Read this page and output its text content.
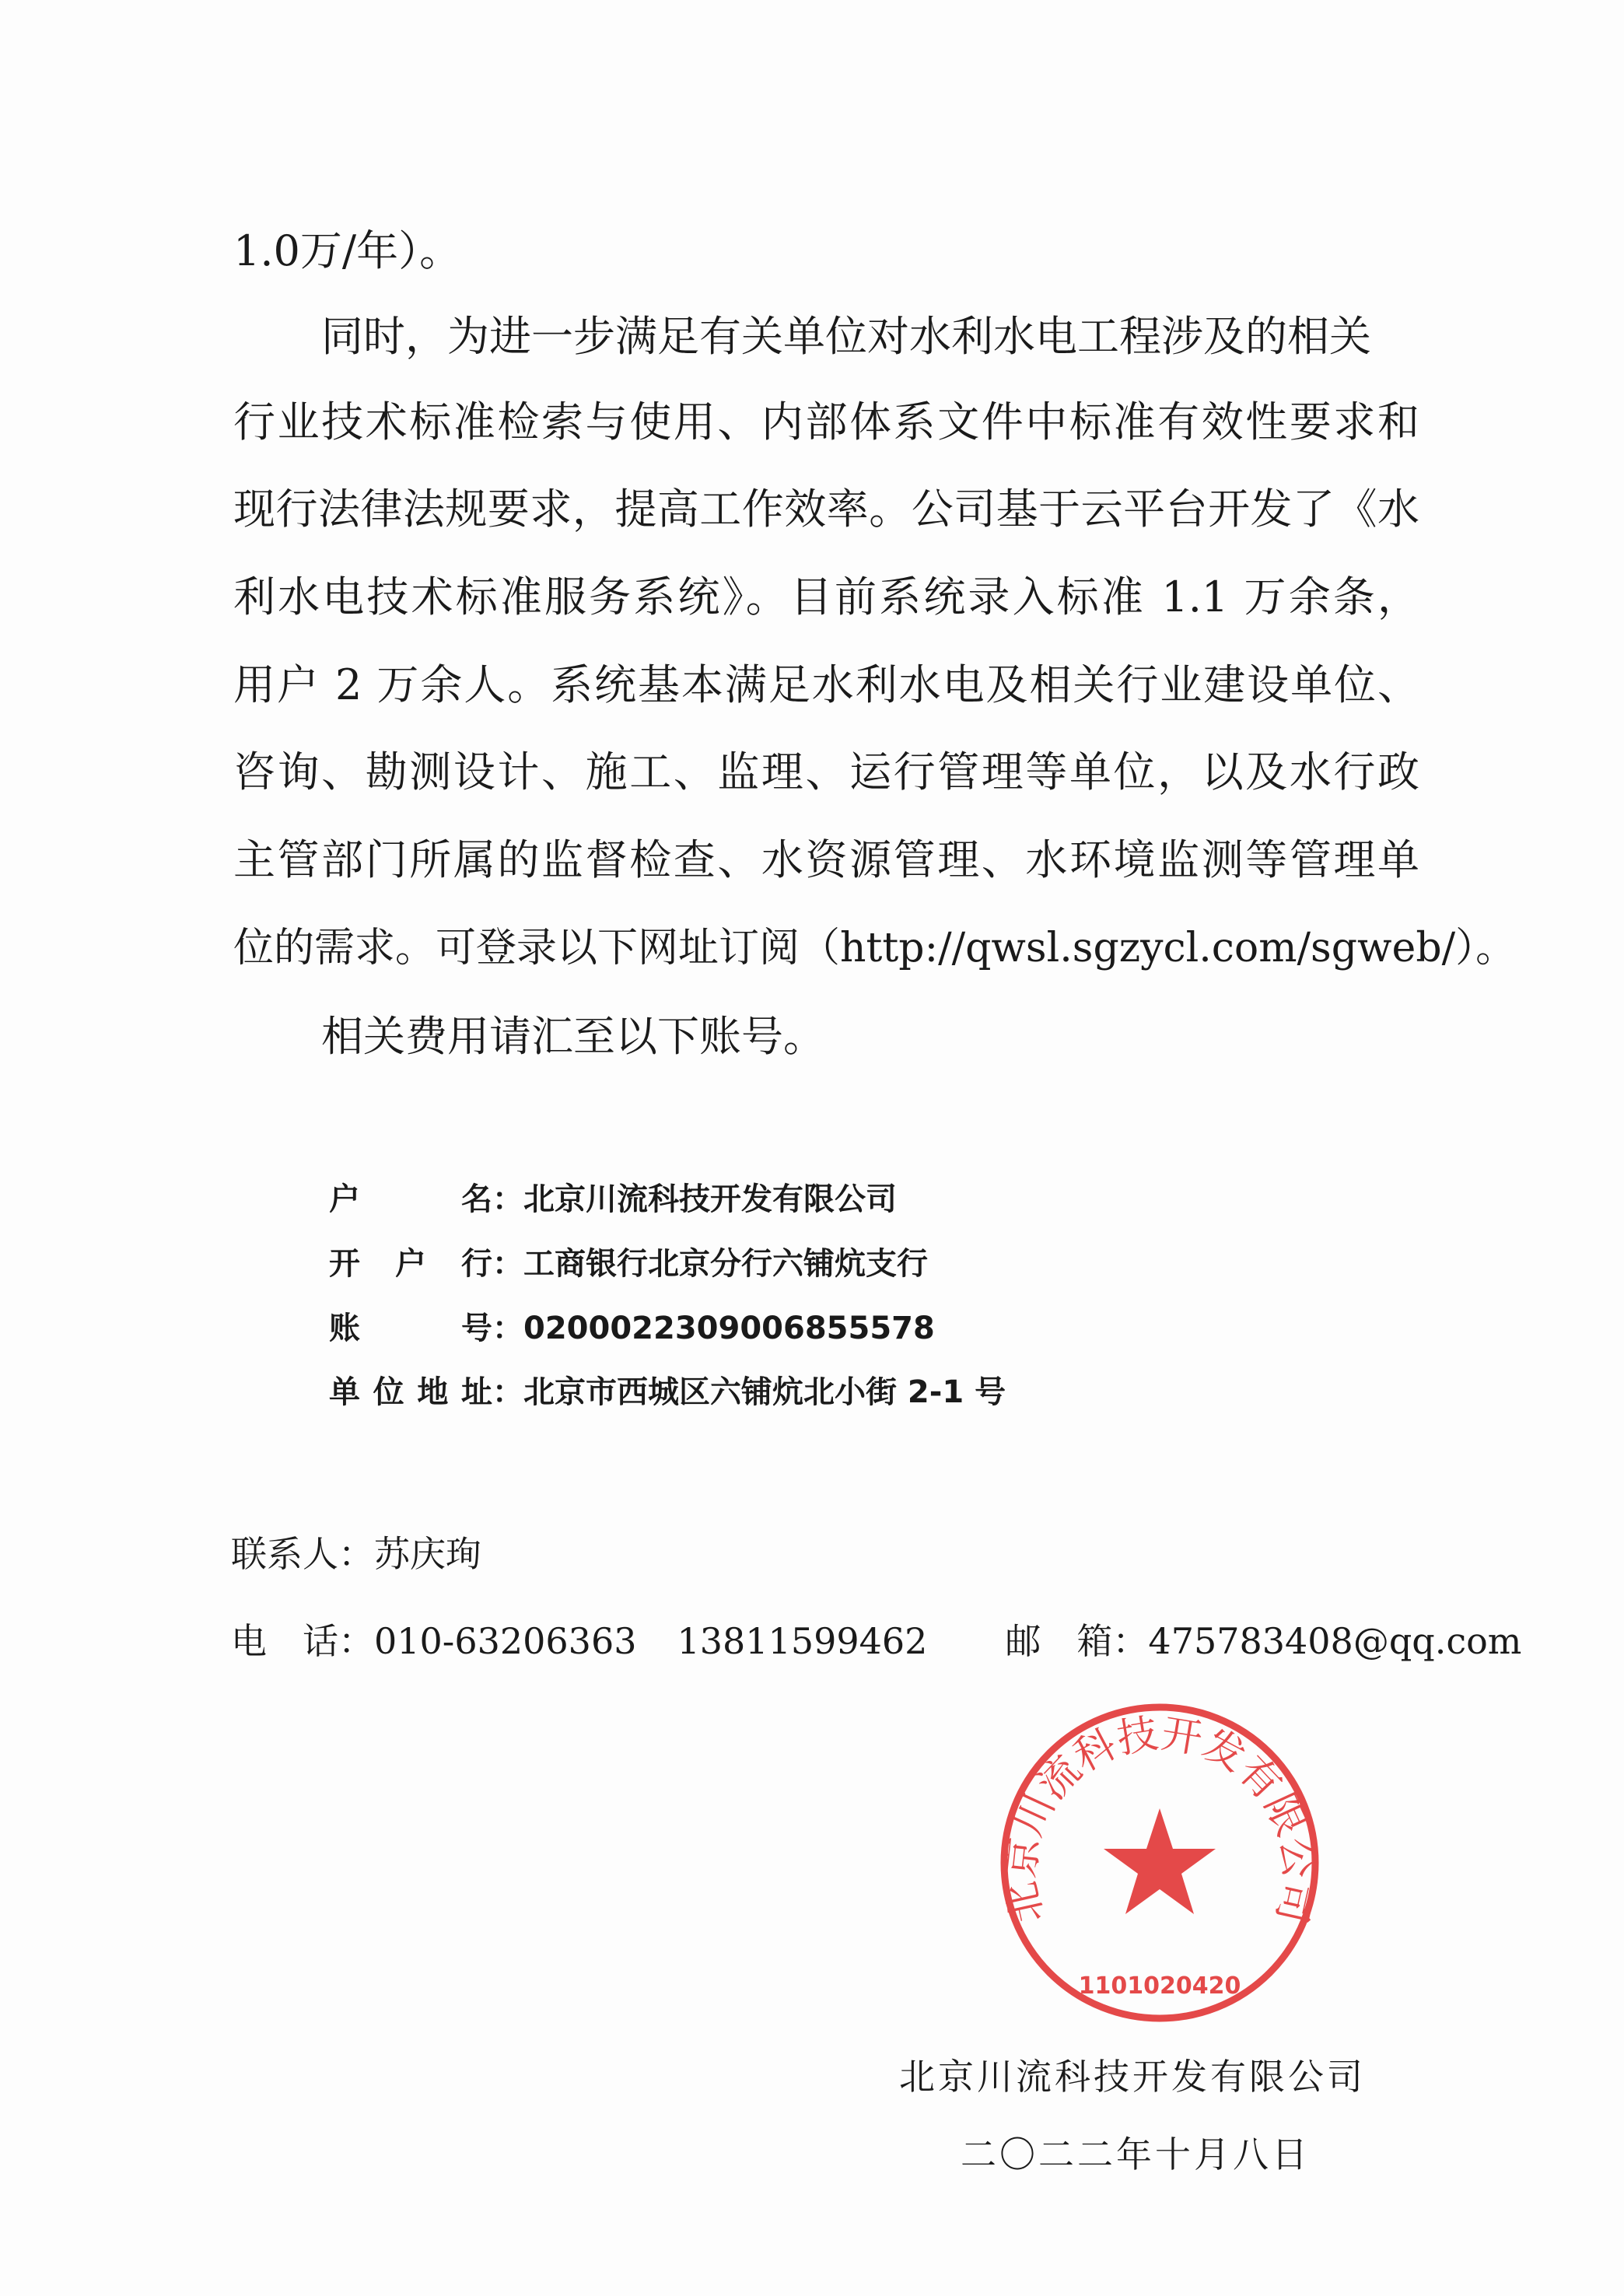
1.0万/年）。
同时，为进一步满足有关单位对水利水电工程涉及的相关
行业技术标准检索与使用、内部体系文件中标准有效性要求和
现行法律法规要求，提高工作效率。公司基于云平台开发了《水
利水电技术标准服务系统》。目前系统录入标准 1.1 万余条，
用户 2 万余人。系统基本满足水利水电及相关行业建设单位、
咨询、勘测设计、施工、监理、运行管理等单位，以及水行政
主管部门所属的监督检查、水资源管理、水环境监测等管理单
位的需求。可登录以下网址订阅（http://qwsl.sgzycl.com/sgweb/）。
相关费用请汇至以下账号。
户名：北京川流科技开发有限公司
开户行：工商银行北京分行六铺炕支行
账号：0200022309006855578
单位地址：北京市西城区六铺炕北小街 2-1 号
联系人：苏庆珣
电　话：010-63206363 13811599462 邮　箱：475783408@qq.com
北京川流科技开发有限公司
1101020420
北京川流科技开发有限公司
二〇二二年十月八日
